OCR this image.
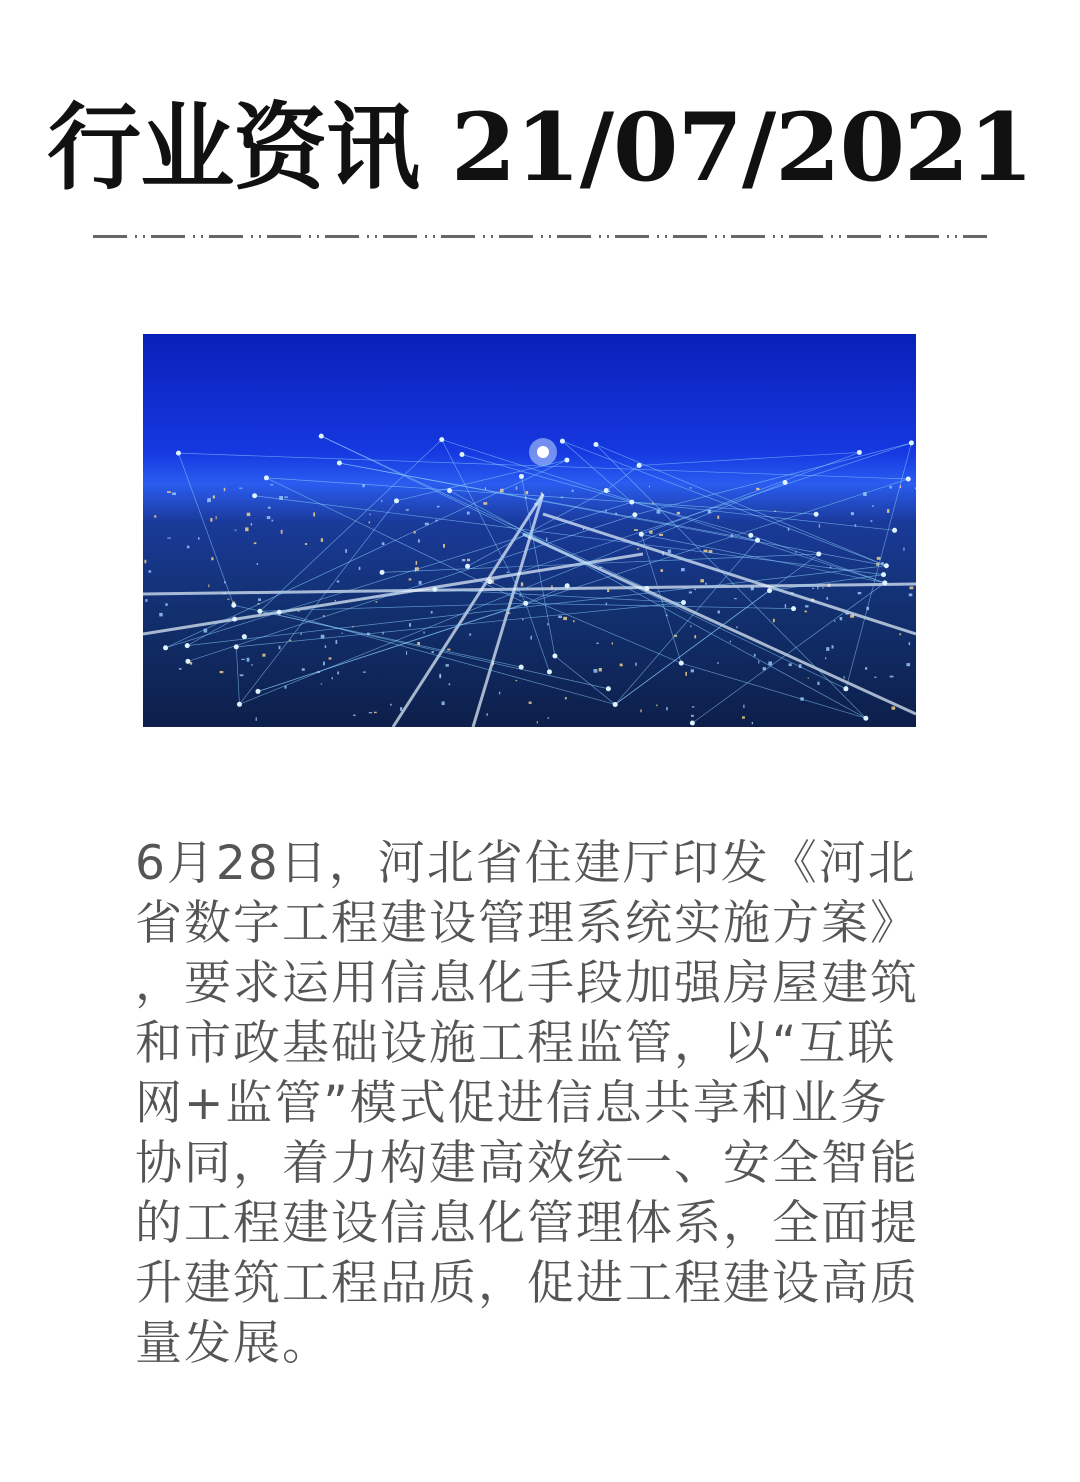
行业资讯 21/07/2021
6月28日，河北省住建厅印发《河北
省数字工程建设管理系统实施方案》
，要求运用信息化手段加强房屋建筑
和市政基础设施工程监管，以“互联
网+监管”模式促进信息共享和业务
协同，着力构建高效统一、安全智能
的工程建设信息化管理体系，全面提
升建筑工程品质，促进工程建设高质
量发展。
